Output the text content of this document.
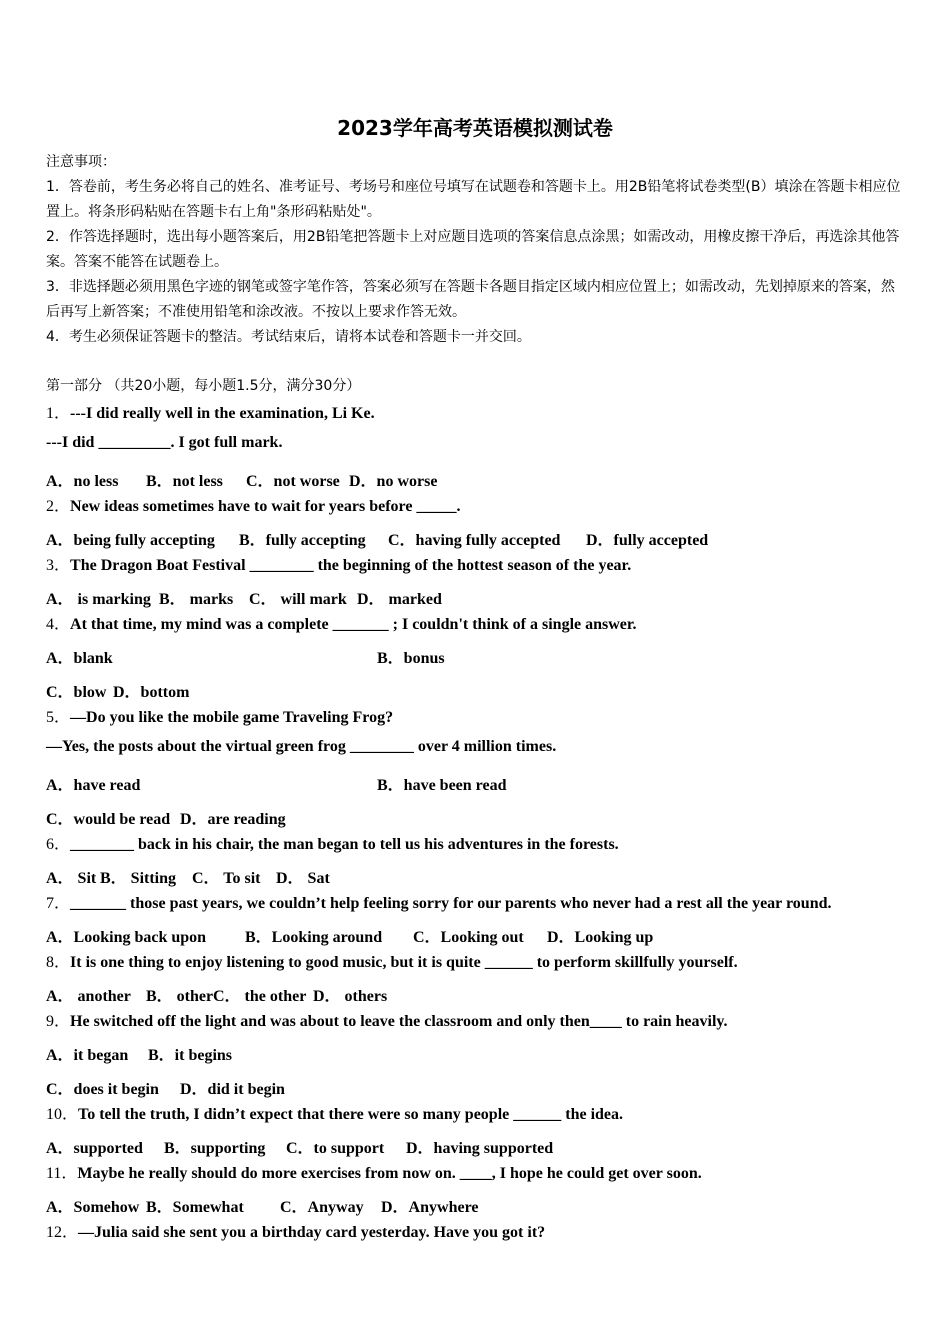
2023学年高考英语模拟测试卷
注意事项：
1．答卷前，考生务必将自己的姓名、准考证号、考场号和座位号填写在试题卷和答题卡上。用2B铅笔将试卷类型(B）填涂在答题卡相应位置上。将条形码粘贴在答题卡右上角"条形码粘贴处"。
2．作答选择题时，选出每小题答案后，用2B铅笔把答题卡上对应题目选项的答案信息点涂黑；如需改动，用橡皮擦干净后，再选涂其他答案。答案不能答在试题卷上。
3．非选择题必须用黑色字迹的钢笔或签字笔作答，答案必须写在答题卡各题目指定区域内相应位置上；如需改动，先划掉原来的答案，然后再写上新答案；不准使用铅笔和涂改液。不按以上要求作答无效。
4．考生必须保证答题卡的整洁。考试结束后，请将本试卷和答题卡一并交回。
第一部分 （共20小题，每小题1.5分，满分30分）
1．---I did really well in the examination, Li Ke.
---I did _________. I got full mark.
A．no less B．not less C．not worse D．no worse
2．New ideas sometimes have to wait for years before _____.
A．being fully accepting B．fully accepting C．having fully accepted D．fully accepted
3．The Dragon Boat Festival ________ the beginning of the hottest season of the year.
A． is marking B． marks C． will mark D． marked
4．At that time, my mind was a complete _______ ; I couldn't think of a single answer.
A．blank	B．bonus
C．blow D．bottom
5．—Do you like the mobile game Traveling Frog?
—Yes, the posts about the virtual green frog ________ over 4 million times.
A．have read	B．have been read
C．would be read D．are reading
6．________ back in his chair, the man began to tell us his adventures in the forests.
A． Sit B． Sitting C． To sit D． Sat
7．_______ those past years, we couldn’t help feeling sorry for our parents who never had a rest all the year round.
A．Looking back upon B．Looking around C．Looking out D．Looking up
8．It is one thing to enjoy listening to good music, but it is quite ______ to perform skillfully yourself.
A． another B． otherC． the other D． others
9．He switched off the light and was about to leave the classroom and only then____ to rain heavily.
A．it began B．it begins
C．does it begin D．did it begin
10．To tell the truth, I didn’t expect that there were so many people ______ the idea.
A．supported B．supporting C．to support D．having supported
11．Maybe he really should do more exercises from now on. ____, I hope he could get over soon.
A．Somehow B．Somewhat C．Anyway D．Anywhere
12．—Julia said she sent you a birthday card yesterday. Have you got it?
